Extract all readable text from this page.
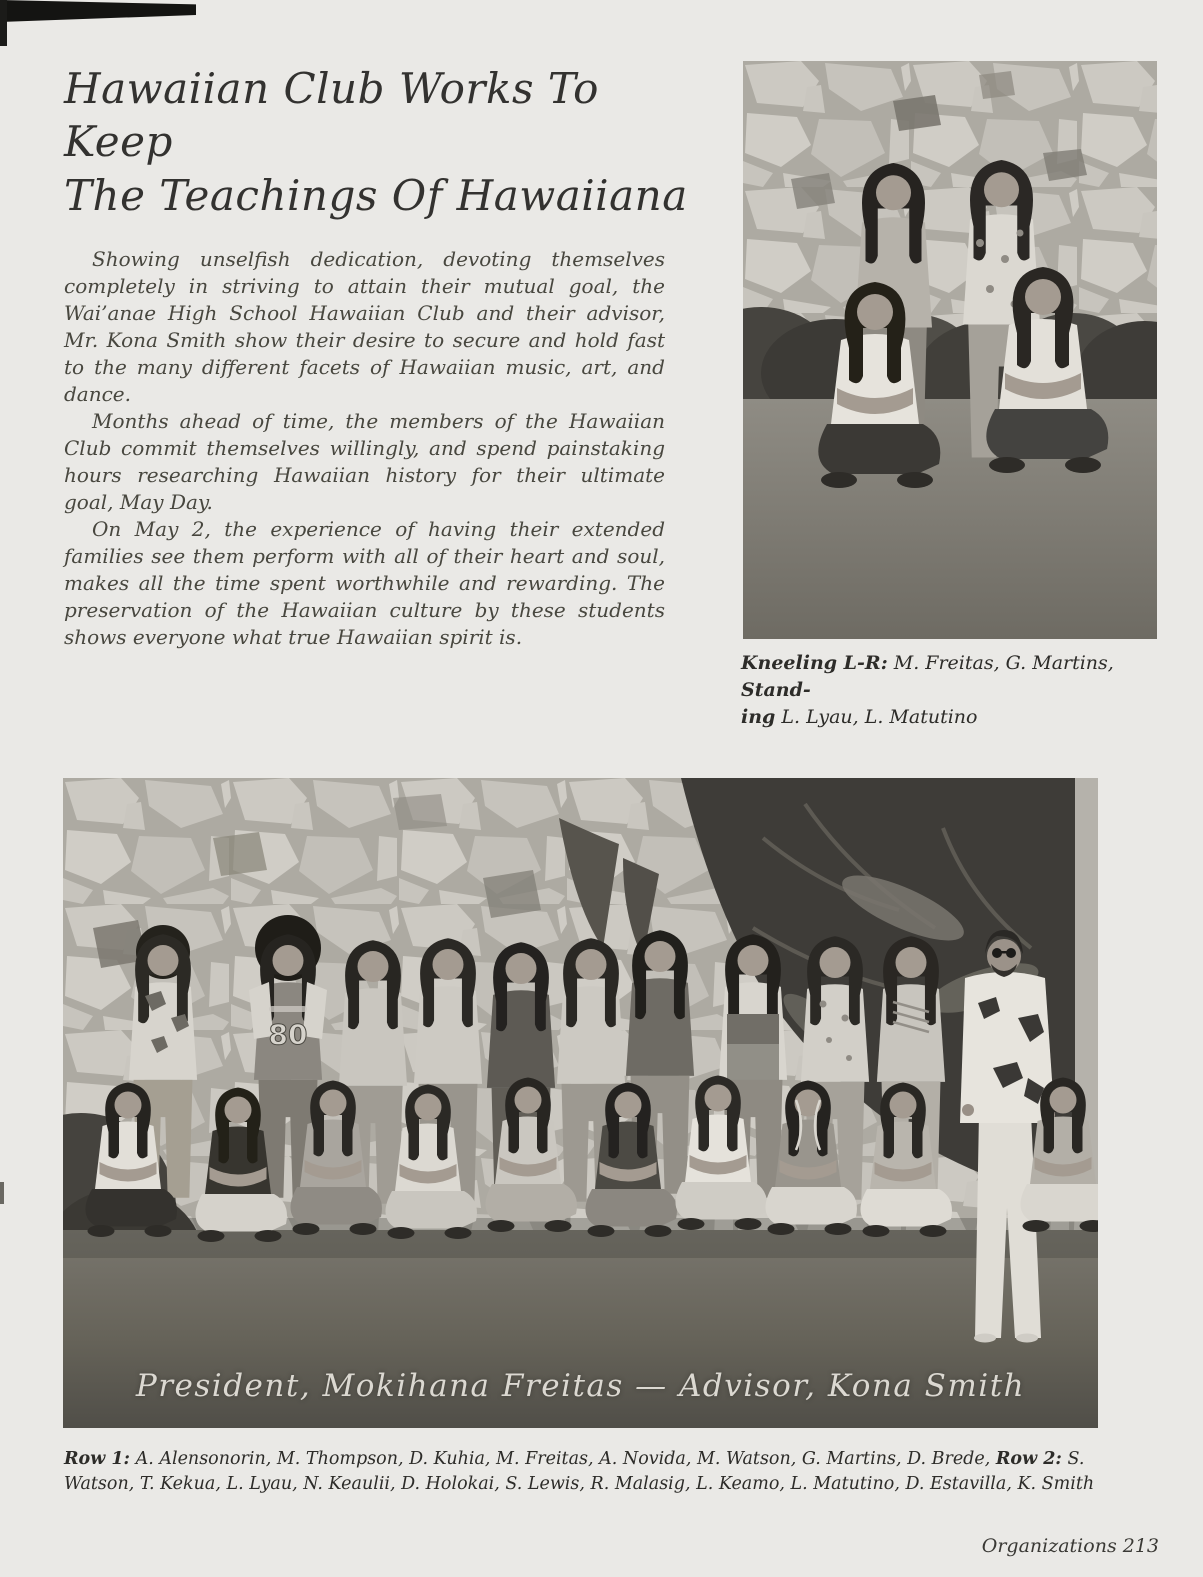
Hawaiian Club Works To Keep
The Teachings Of Hawaiiana

Showing unselfish dedication, devoting themselves completely in striving to attain their mutual goal, the Wai’anae High School Hawaiian Club and their advisor, Mr. Kona Smith show their desire to secure and hold fast to the many different facets of Hawaiian music, art, and dance.

Months ahead of time, the members of the Hawaiian Club commit themselves willingly, and spend painstaking hours researching Hawaiian history for their ultimate goal, May Day.

On May 2, the experience of having their extended families see them perform with all of their heart and soul, makes all the time spent worthwhile and rewarding. The preservation of the Hawaiian culture by these students shows everyone what true Hawaiian spirit is.

Kneeling L-R: M. Freitas, G. Martins, Stand-
ing L. Lyau, L. Matutino
80
President, Mokihana Freitas — Advisor, Kona Smith
Row 1: A. Alensonorin, M. Thompson, D. Kuhia, M. Freitas, A. Novida, M. Watson, G. Martins, D. Brede, Row 2: S. Watson, T. Kekua, L. Lyau, N. Keaulii, D. Holokai, S. Lewis, R. Malasig, L. Keamo, L. Matutino, D. Estavilla, K. Smith
Organizations 213
